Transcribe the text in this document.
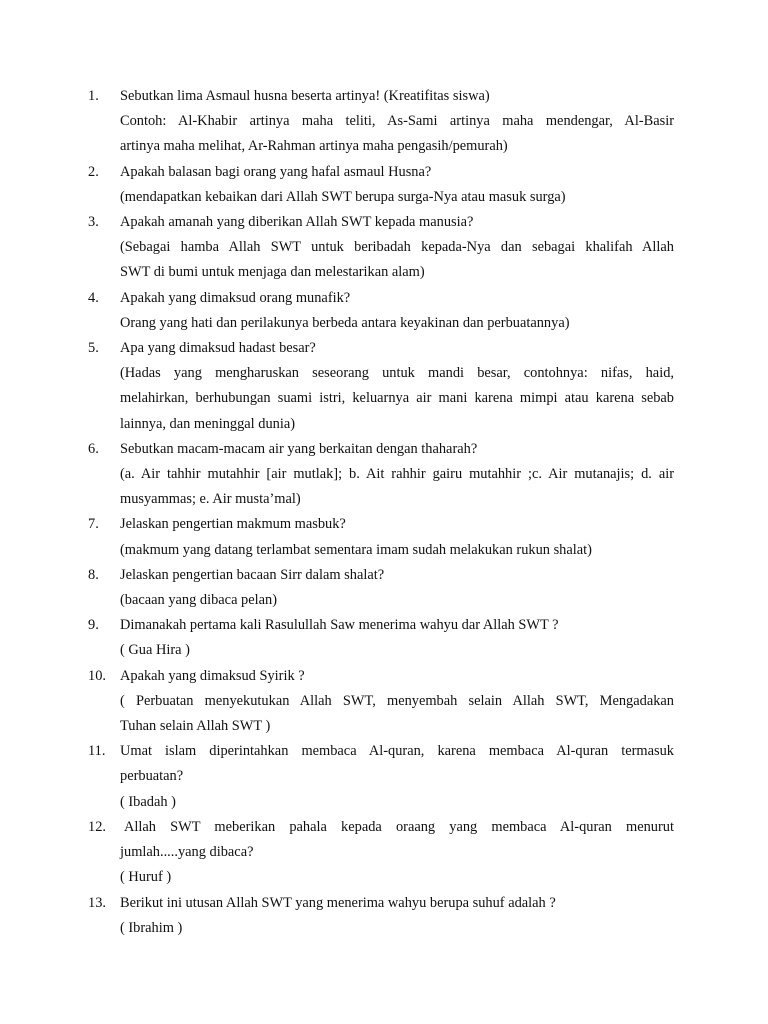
1.	Sebutkan lima Asmaul husna beserta artinya! (Kreatifitas siswa)
Contoh: Al-Khabir artinya maha teliti, As-Sami artinya maha mendengar, Al-Basir
artinya maha melihat, Ar-Rahman artinya maha pengasih/pemurah)
2.	Apakah balasan bagi orang yang hafal asmaul Husna?
(mendapatkan kebaikan dari Allah SWT berupa surga-Nya atau masuk surga)
3.	Apakah amanah yang diberikan Allah SWT kepada manusia?
(Sebagai hamba Allah SWT untuk beribadah kepada-Nya dan sebagai khalifah Allah
SWT di bumi untuk menjaga dan melestarikan alam)
4.	Apakah yang dimaksud orang munafik?
Orang yang hati dan perilakunya berbeda antara keyakinan dan perbuatannya)
5.	Apa yang dimaksud hadast besar?
(Hadas yang mengharuskan seseorang untuk mandi besar, contohnya: nifas, haid,
melahirkan, berhubungan suami istri, keluarnya air mani karena mimpi atau karena sebab
lainnya, dan meninggal dunia)
6.	Sebutkan macam-macam air yang berkaitan dengan thaharah?
(a. Air tahhir mutahhir [air mutlak]; b. Ait rahhir gairu mutahhir ;c. Air mutanajis; d. air
musyammas; e. Air musta’mal)
7.	Jelaskan pengertian makmum masbuk?
(makmum yang datang terlambat sementara imam sudah melakukan rukun shalat)
8.	Jelaskan pengertian bacaan Sirr dalam shalat?
(bacaan yang dibaca pelan)
9.	Dimanakah pertama kali Rasulullah Saw menerima wahyu dar Allah SWT ?
( Gua Hira )
10. Apakah yang dimaksud Syirik ?
( Perbuatan menyekutukan Allah SWT, menyembah selain Allah SWT, Mengadakan
Tuhan selain Allah SWT )
11.	Umat islam diperintahkan membaca Al-quran, karena membaca Al-quran termasuk
perbuatan?
( Ibadah )
12.	Allah SWT meberikan pahala kepada oraang yang membaca Al-quran menurut
jumlah.....yang dibaca?
( Huruf )
13. Berikut ini utusan Allah SWT yang menerima wahyu berupa suhuf adalah ?
( Ibrahim )
